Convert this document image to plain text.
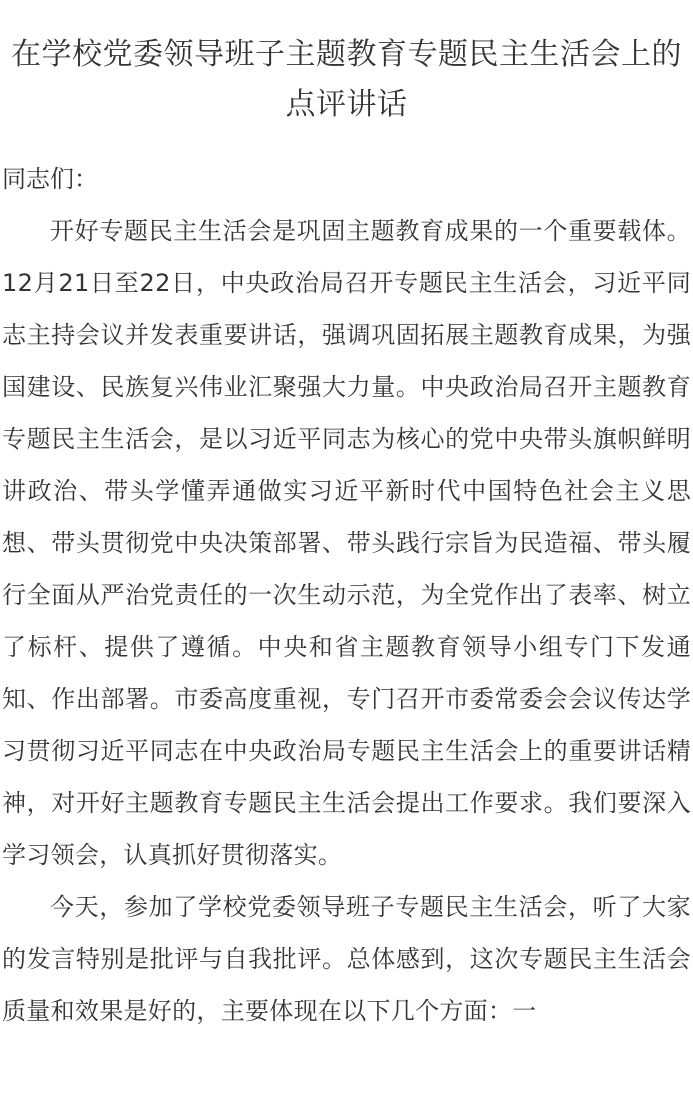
在学校党委领导班子主题教育专题民主生活会上的点评讲话

同志们：

开好专题民主生活会是巩固主题教育成果的一个重要载体。12月21日至22日，中央政治局召开专题民主生活会，习近平同志主持会议并发表重要讲话，强调巩固拓展主题教育成果，为强国建设、民族复兴伟业汇聚强大力量。中央政治局召开主题教育专题民主生活会，是以习近平同志为核心的党中央带头旗帜鲜明讲政治、带头学懂弄通做实习近平新时代中国特色社会主义思想、带头贯彻党中央决策部署、带头践行宗旨为民造福、带头履行全面从严治党责任的一次生动示范，为全党作出了表率、树立了标杆、提供了遵循。中央和省主题教育领导小组专门下发通知、作出部署。市委高度重视，专门召开市委常委会会议传达学习贯彻习近平同志在中央政治局专题民主生活会上的重要讲话精神，对开好主题教育专题民主生活会提出工作要求。我们要深入学习领会，认真抓好贯彻落实。

今天，参加了学校党委领导班子专题民主生活会，听了大家的发言特别是批评与自我批评。总体感到，这次专题民主生活会质量和效果是好的，主要体现在以下几个方面：一
